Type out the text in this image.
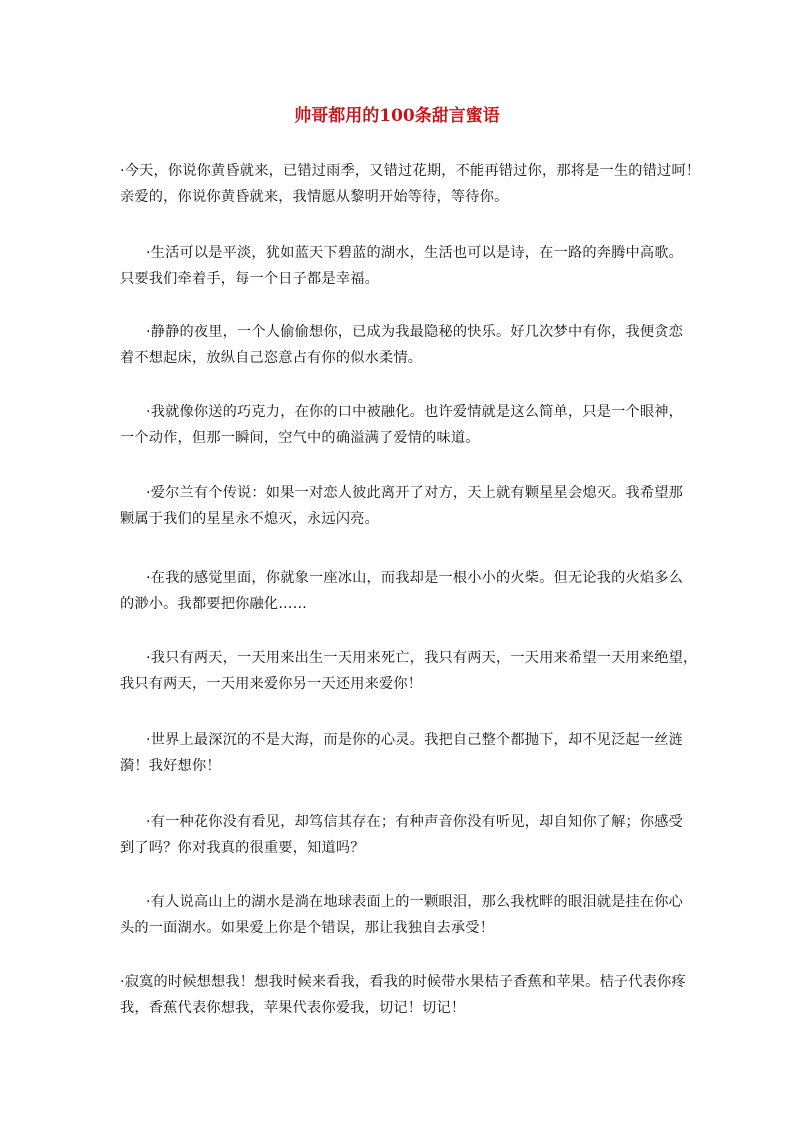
帅哥都用的100条甜言蜜语

·今天，你说你黄昏就来，已错过雨季，又错过花期，不能再错过你，那将是一生的错过呵！
亲爱的，你说你黄昏就来，我情愿从黎明开始等待，等待你。

·生活可以是平淡，犹如蓝天下碧蓝的湖水，生活也可以是诗，在一路的奔腾中高歌。
只要我们牵着手，每一个日子都是幸福。

·静静的夜里，一个人偷偷想你，已成为我最隐秘的快乐。好几次梦中有你，我便贪恋
着不想起床，放纵自己恣意占有你的似水柔情。

·我就像你送的巧克力，在你的口中被融化。也许爱情就是这么简单，只是一个眼神，
一个动作，但那一瞬间，空气中的确溢满了爱情的味道。

·爱尔兰有个传说：如果一对恋人彼此离开了对方，天上就有颗星星会熄灭。我希望那
颗属于我们的星星永不熄灭，永远闪亮。

·在我的感觉里面，你就象一座冰山，而我却是一根小小的火柴。但无论我的火焰多么
的渺小。我都要把你融化……

·我只有两天，一天用来出生一天用来死亡，我只有两天，一天用来希望一天用来绝望，
我只有两天，一天用来爱你另一天还用来爱你！

·世界上最深沉的不是大海，而是你的心灵。我把自己整个都抛下，却不见泛起一丝涟
漪！我好想你！

·有一种花你没有看见，却笃信其存在；有种声音你没有听见，却自知你了解；你感受
到了吗？你对我真的很重要，知道吗？

·有人说高山上的湖水是淌在地球表面上的一颗眼泪，那么我枕畔的眼泪就是挂在你心
头的一面湖水。如果爱上你是个错误，那让我独自去承受！

·寂寞的时候想想我！想我时候来看我，看我的时候带水果桔子香蕉和苹果。桔子代表你疼
我，香蕉代表你想我，苹果代表你爱我，切记！切记！
